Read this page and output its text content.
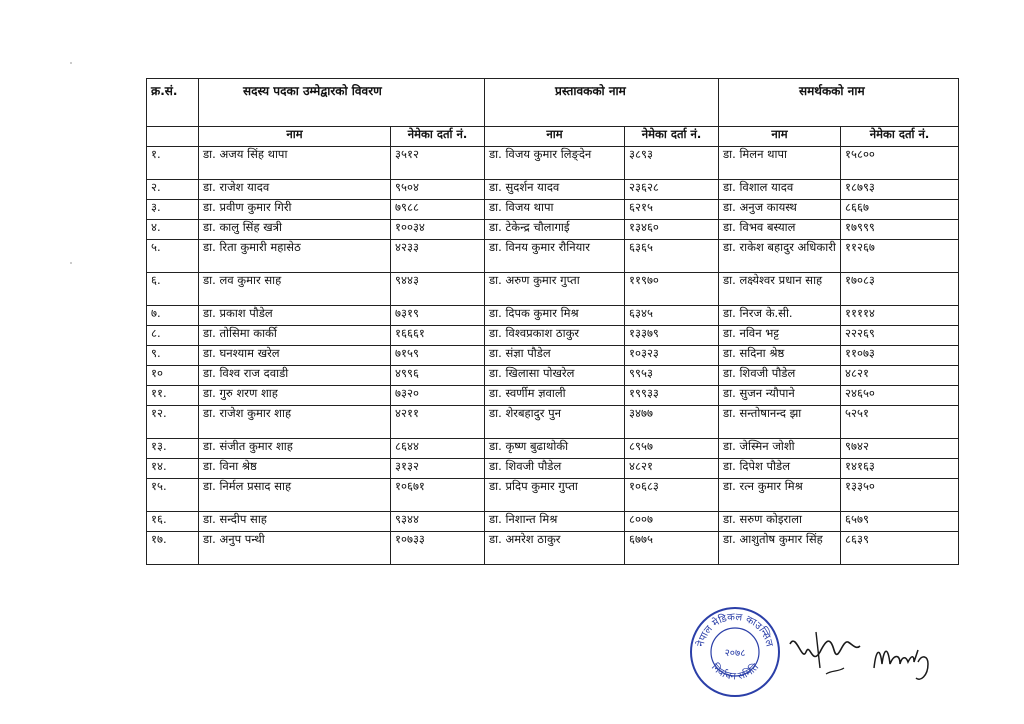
क्र.सं.	सदस्य पदका उम्मेद्वारको विवरण		प्रस्तावकको नाम		समर्थकको नाम	
	नाम	नेमेका दर्ता नं.	नाम	नेमेका दर्ता नं.	नाम	नेमेका दर्ता नं.
१.	डा. अजय सिंह थापा	३५१२	डा. विजय कुमार लिङ्देन	३८९३	डा. मिलन थापा	१५८००
२.	डा. राजेश यादव	९५०४	डा. सुदर्शन यादव	२३६२८	डा. विशाल यादव	१८७९३
३.	डा. प्रवीण कुमार गिरी	७९८८	डा. विजय थापा	६२१५	डा. अनुज कायस्थ	८६६७
४.	डा. कालु सिंह खत्री	१००३४	डा. टेकेन्द्र चौलागाई	१३४६०	डा. विभव बस्याल	१७९९९
५.	डा. रिता कुमारी महासेठ	४२३३	डा. विनय कुमार रौनियार	६३६५	डा. राकेश बहादुर अधिकारी	११२६७
६.	डा. लव कुमार साह	९४४३	डा. अरुण कुमार गुप्ता	११९७०	डा. लक्ष्येश्वर प्रधान साह	१७०८३
७.	डा. प्रकाश पौडेल	७३१९	डा. दिपक कुमार मिश्र	६३४५	डा. निरज के.सी.	११११४
८.	डा. तोसिमा कार्की	१६६६१	डा. विश्वप्रकाश ठाकुर	१३३७९	डा. नविन भट्ट	२२२६९
९.	डा. घनश्याम खरेल	७१५९	डा. संज्ञा पौडेल	१०३२३	डा. सदिना श्रेष्ठ	११०७३
१०	डा. विश्व राज दवाडी	४९९६	डा. खिलासा पोखरेल	९९५३	डा. शिवजी पौडेल	४८२१
११.	डा. गुरु शरण शाह	७३२०	डा. स्वर्णीम ज्ञवाली	१९९३३	डा. सुजन न्यौपाने	२४६५०
१२.	डा. राजेश कुमार शाह	४२११	डा. शेरबहादुर पुन	३४७७	डा. सन्तोषानन्द झा	५२५१
१३.	डा. संजीत कुमार शाह	८६४४	डा. कृष्ण बुढाथोकी	८९५७	डा. जेस्मिन जोशी	९७४२
१४.	डा. विना श्रेष्ठ	३१३२	डा. शिवजी पौडेल	४८२१	डा. दिपेश पौडेल	१४१६३
१५.	डा. निर्मल प्रसाद साह	१०६७१	डा. प्रदिप कुमार गुप्ता	१०६८३	डा. रत्न कुमार मिश्र	१३३५०
१६.	डा. सन्दीप साह	९३४४	डा. निशान्त मिश्र	८००७	डा. सरुण कोइराला	६५७९
१७.	डा. अनुप पन्थी	१०७३३	डा. अमरेश ठाकुर	६७७५	डा. आशुतोष कुमार सिंह	८६३९
नेपाल मेडिकल काउन्सिल
निर्वाचन समिति
२०७८
